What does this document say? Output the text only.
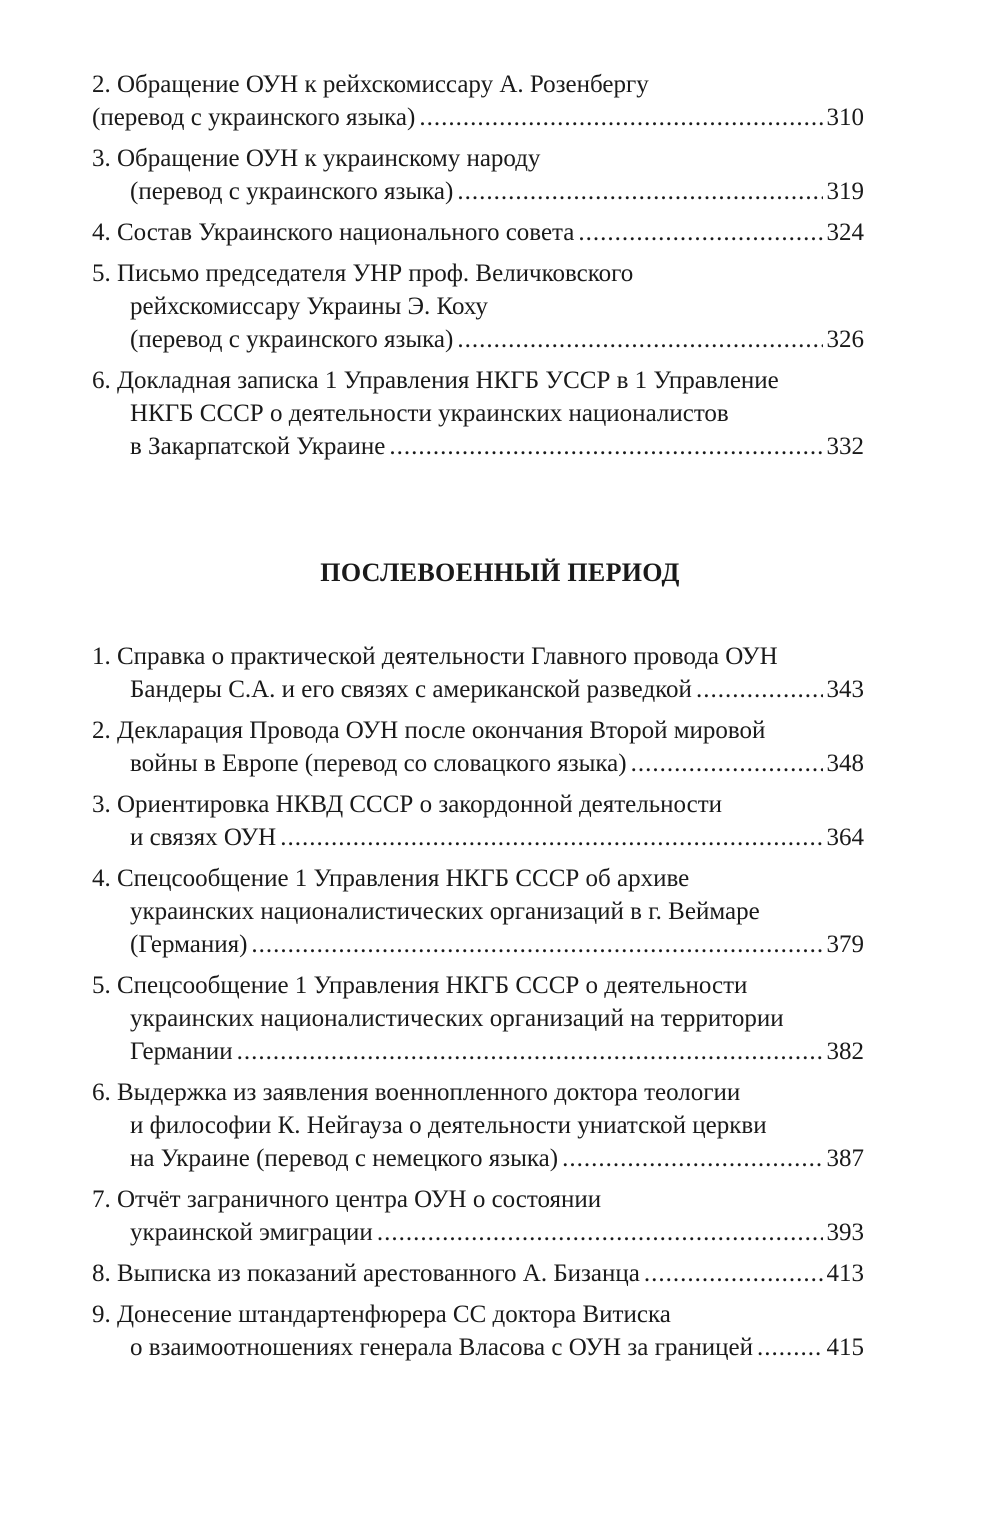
2. Обращение ОУН к рейхскомиссару А. Розенбергу
(перевод с украинского языка) .....	310
3. Обращение ОУН к украинскому народу
(перевод с украинского языка) .....	319
4. Состав Украинского национального совета .....	324
5. Письмо председателя УНР проф. Величковского
рейхскомиссару Украины Э. Коху
(перевод с украинского языка) .....	326
6. Докладная записка 1 Управления НКГБ УССР в 1 Управление
НКГБ СССР о деятельности украинских националистов
в Закарпатской Украине .....	332
ПОСЛЕВОЕННЫЙ ПЕРИОД
1. Справка о практической деятельности Главного провода ОУН
Бандеры С.А. и его связях с американской разведкой .....	343
2. Декларация Провода ОУН после окончания Второй мировой
войны в Европе (перевод со словацкого языка) .....	348
3. Ориентировка НКВД СССР о закордонной деятельности
и связях ОУН .....	364
4. Спецсообщение 1 Управления НКГБ СССР об архиве
украинских националистических организаций в г. Веймаре
(Германия) .....	379
5. Спецсообщение 1 Управления НКГБ СССР о деятельности
украинских националистических организаций на территории
Германии .....	382
6. Выдержка из заявления военнопленного доктора теологии
и философии К. Нейгауза о деятельности униатской церкви
на Украине (перевод с немецкого языка) .....	387
7. Отчёт заграничного центра ОУН о состоянии
украинской эмиграции .....	393
8. Выписка из показаний арестованного А. Бизанца .....	413
9. Донесение штандартенфюрера СС доктора Витиска
о взаимоотношениях генерала Власова с ОУН за границей .....	415
